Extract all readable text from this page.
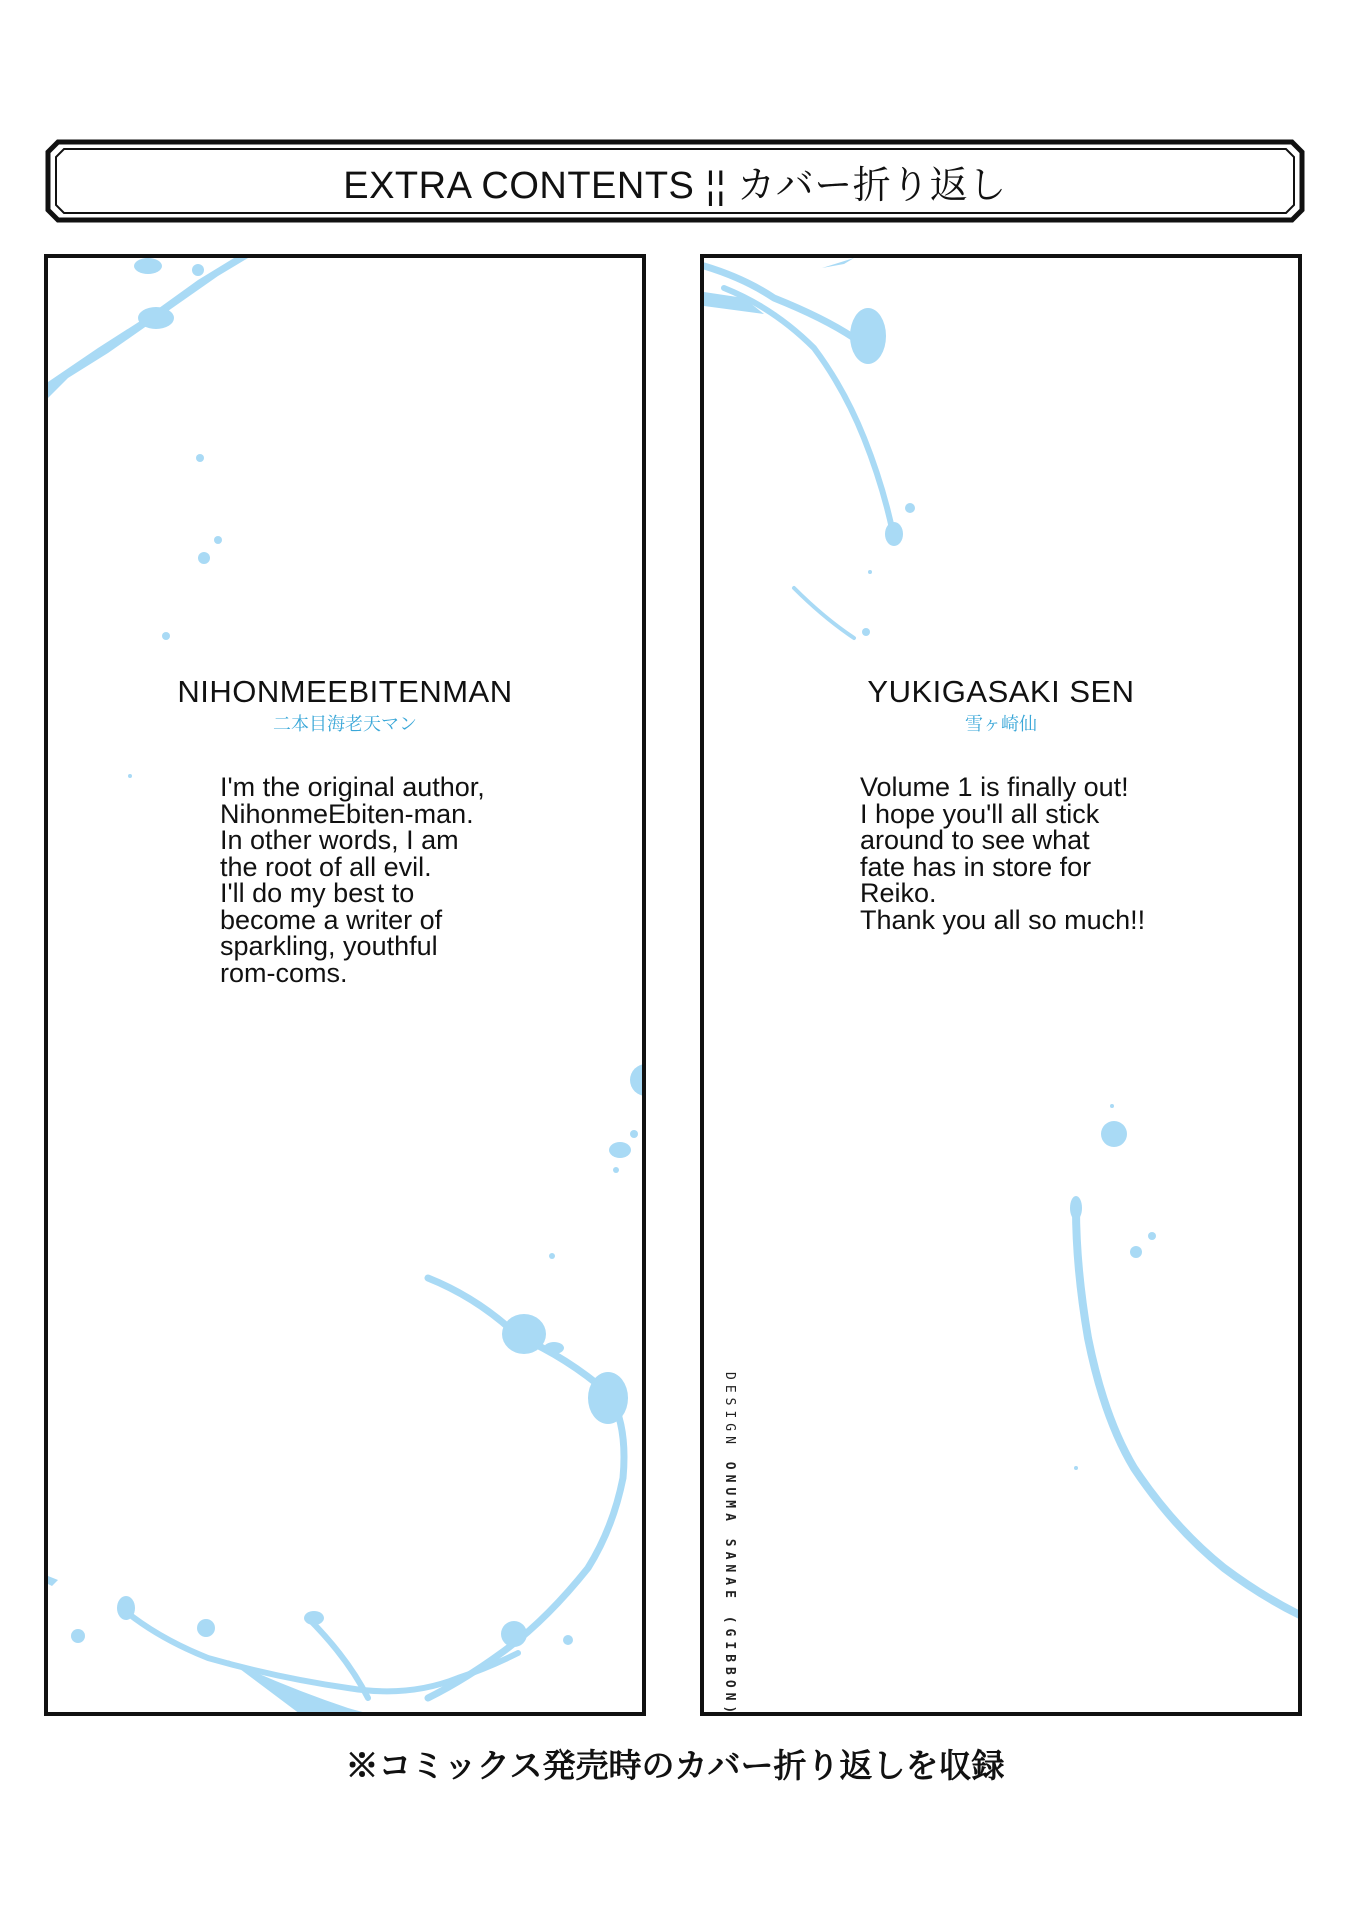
EXTRA CONTENTS ¦¦ カバー折り返し
NIHONMEEBITENMAN
二本目海老天マン
I'm the original author,
NihonmeEbiten-man.
In other words, I am
the root of all evil.
I'll do my best to
become a writer of
sparkling, youthful
rom-coms.
YUKIGASAKI SEN
雪ヶ崎仙
Volume 1 is finally out!
I hope you'll all stick
around to see what
fate has in store for
Reiko.
Thank you all so much!!
DESIGN ONUMA SANAE (GIBBON)
※コミックス発売時のカバー折り返しを収録
